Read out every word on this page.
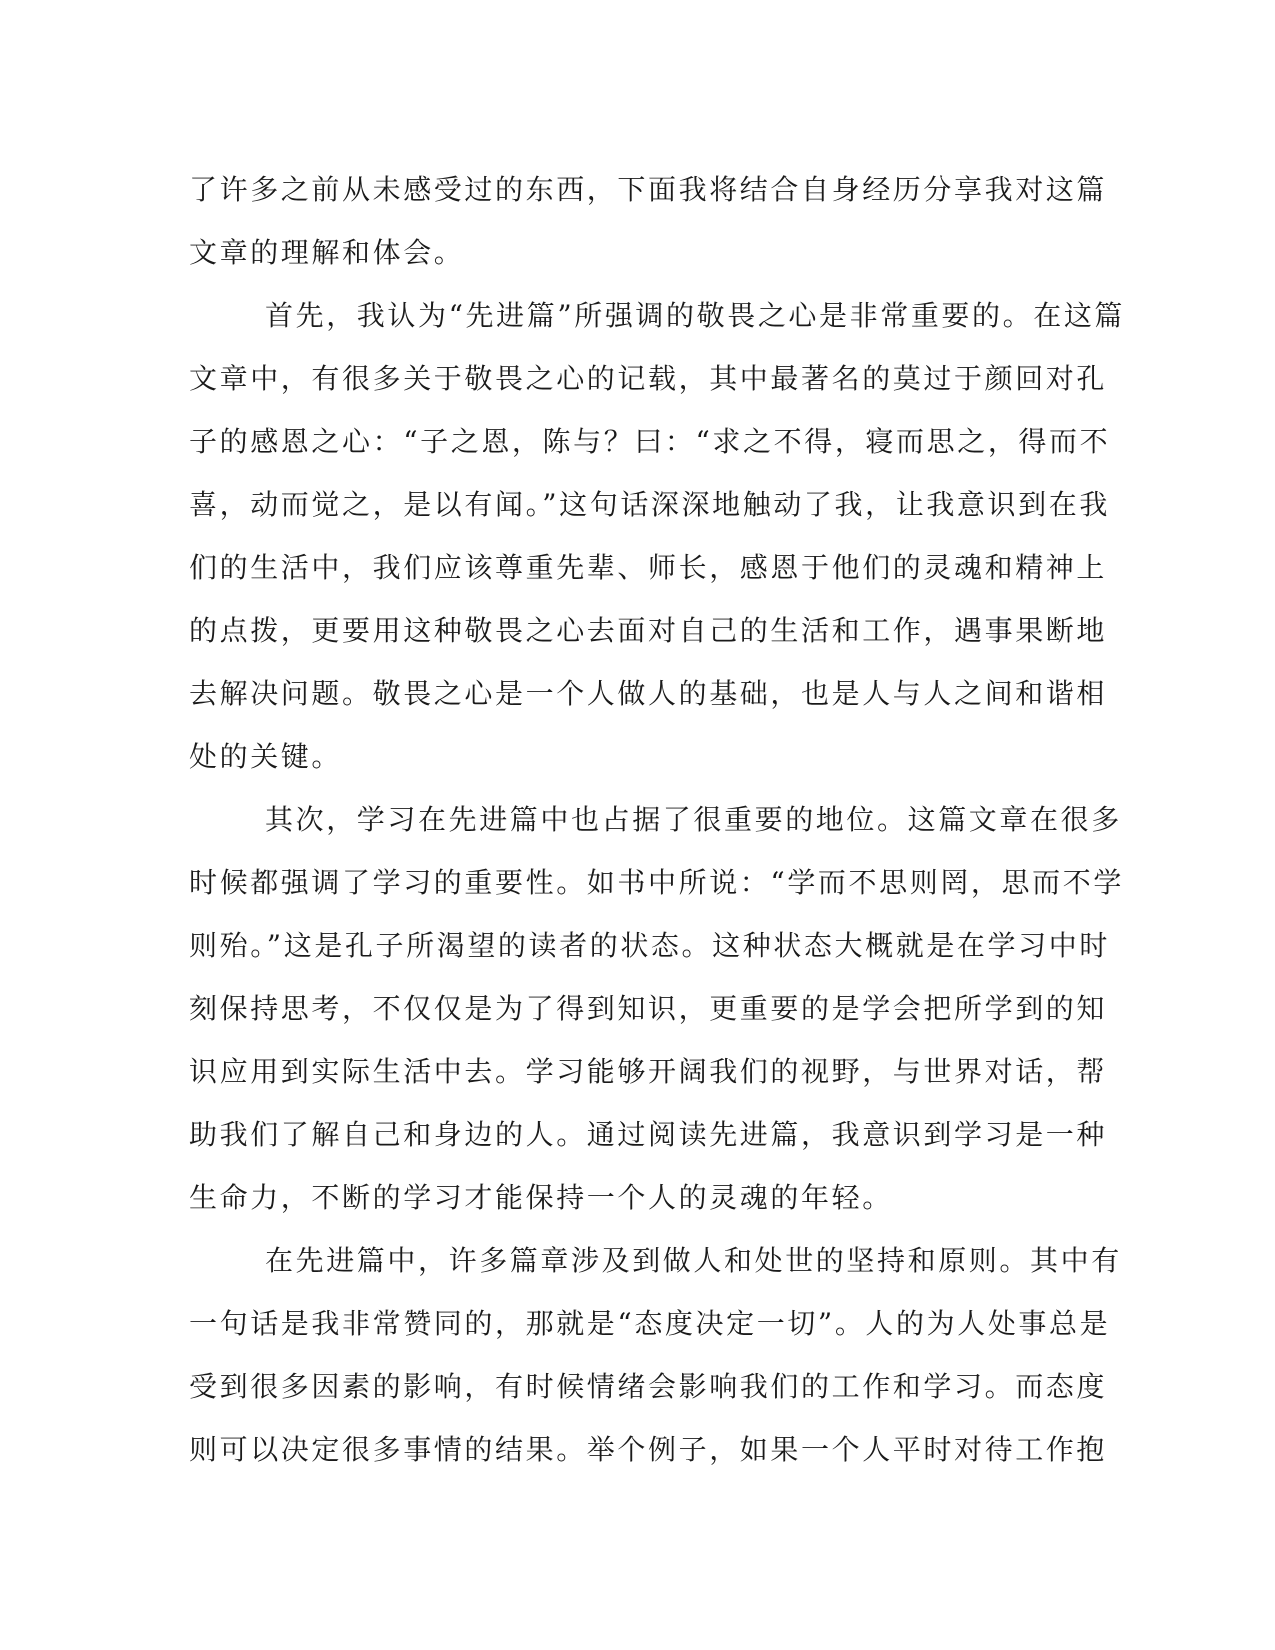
了许多之前从未感受过的东西，下面我将结合自身经历分享我对这篇
文章的理解和体会。
首先，我认为“先进篇”所强调的敬畏之心是非常重要的。在这篇
文章中，有很多关于敬畏之心的记载，其中最著名的莫过于颜回对孔
子的感恩之心：“子之恩，陈与？曰：“求之不得，寝而思之，得而不
喜，动而觉之，是以有闻。”这句话深深地触动了我，让我意识到在我
们的生活中，我们应该尊重先辈、师长，感恩于他们的灵魂和精神上
的点拨，更要用这种敬畏之心去面对自己的生活和工作，遇事果断地
去解决问题。敬畏之心是一个人做人的基础，也是人与人之间和谐相
处的关键。
其次，学习在先进篇中也占据了很重要的地位。这篇文章在很多
时候都强调了学习的重要性。如书中所说：“学而不思则罔，思而不学
则殆。”这是孔子所渴望的读者的状态。这种状态大概就是在学习中时
刻保持思考，不仅仅是为了得到知识，更重要的是学会把所学到的知
识应用到实际生活中去。学习能够开阔我们的视野，与世界对话，帮
助我们了解自己和身边的人。通过阅读先进篇，我意识到学习是一种
生命力，不断的学习才能保持一个人的灵魂的年轻。
在先进篇中，许多篇章涉及到做人和处世的坚持和原则。其中有
一句话是我非常赞同的，那就是“态度决定一切”。人的为人处事总是
受到很多因素的影响，有时候情绪会影响我们的工作和学习。而态度
则可以决定很多事情的结果。举个例子，如果一个人平时对待工作抱
